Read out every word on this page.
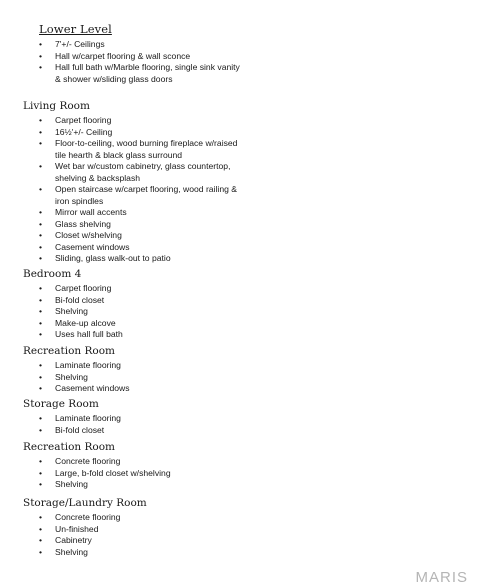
Lower Level
• 7'+/- Ceilings
• Hall w/carpet flooring & wall sconce
• Hall full bath w/Marble flooring, single sink vanity
& shower w/sliding glass doors
Living Room
• Carpet flooring
• 16½'+/- Ceiling
• Floor-to-ceiling, wood burning fireplace w/raised
tile hearth & black glass surround
• Wet bar w/custom cabinetry, glass countertop,
shelving & backsplash
• Open staircase w/carpet flooring, wood railing &
iron spindles
• Mirror wall accents
• Glass shelving
• Closet w/shelving
• Casement windows
• Sliding, glass walk-out to patio
Bedroom 4
• Carpet flooring
• Bi-fold closet
• Shelving
• Make-up alcove
• Uses hall full bath
Recreation Room
• Laminate flooring
• Shelving
• Casement windows
Storage Room
• Laminate flooring
• Bi-fold closet
Recreation Room
• Concrete flooring
• Large, b-fold closet w/shelving
• Shelving
Storage/Laundry Room
• Concrete flooring
• Un-finished
• Cabinetry
• Shelving
MARIS
